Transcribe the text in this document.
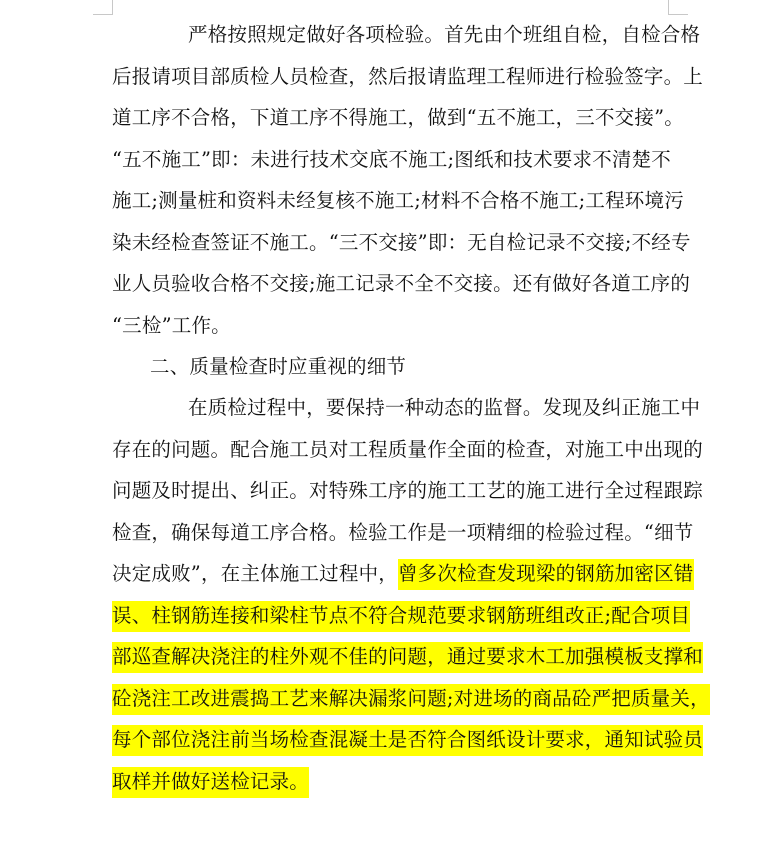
严格按照规定做好各项检验。首先由个班组自检，自检合格
后报请项目部质检人员检查，然后报请监理工程师进行检验签字。上
道工序不合格，下道工序不得施工，做到“五不施工，三不交接”。
“五不施工”即：未进行技术交底不施工;图纸和技术要求不清楚不
施工;测量桩和资料未经复核不施工;材料不合格不施工;工程环境污
染未经检查签证不施工。“三不交接”即：无自检记录不交接;不经专
业人员验收合格不交接;施工记录不全不交接。还有做好各道工序的
“三检”工作。
二、质量检查时应重视的细节
在质检过程中，要保持一种动态的监督。发现及纠正施工中
存在的问题。配合施工员对工程质量作全面的检查，对施工中出现的
问题及时提出、纠正。对特殊工序的施工工艺的施工进行全过程跟踪
检查，确保每道工序合格。检验工作是一项精细的检验过程。“细节
决定成败”，在主体施工过程中，曾多次检查发现梁的钢筋加密区错
误、柱钢筋连接和梁柱节点不符合规范要求钢筋班组改正;配合项目
部巡查解决浇注的柱外观不佳的问题，通过要求木工加强模板支撑和
砼浇注工改进震捣工艺来解决漏浆问题;对进场的商品砼严把质量关，
每个部位浇注前当场检查混凝土是否符合图纸设计要求，通知试验员
取样并做好送检记录。
